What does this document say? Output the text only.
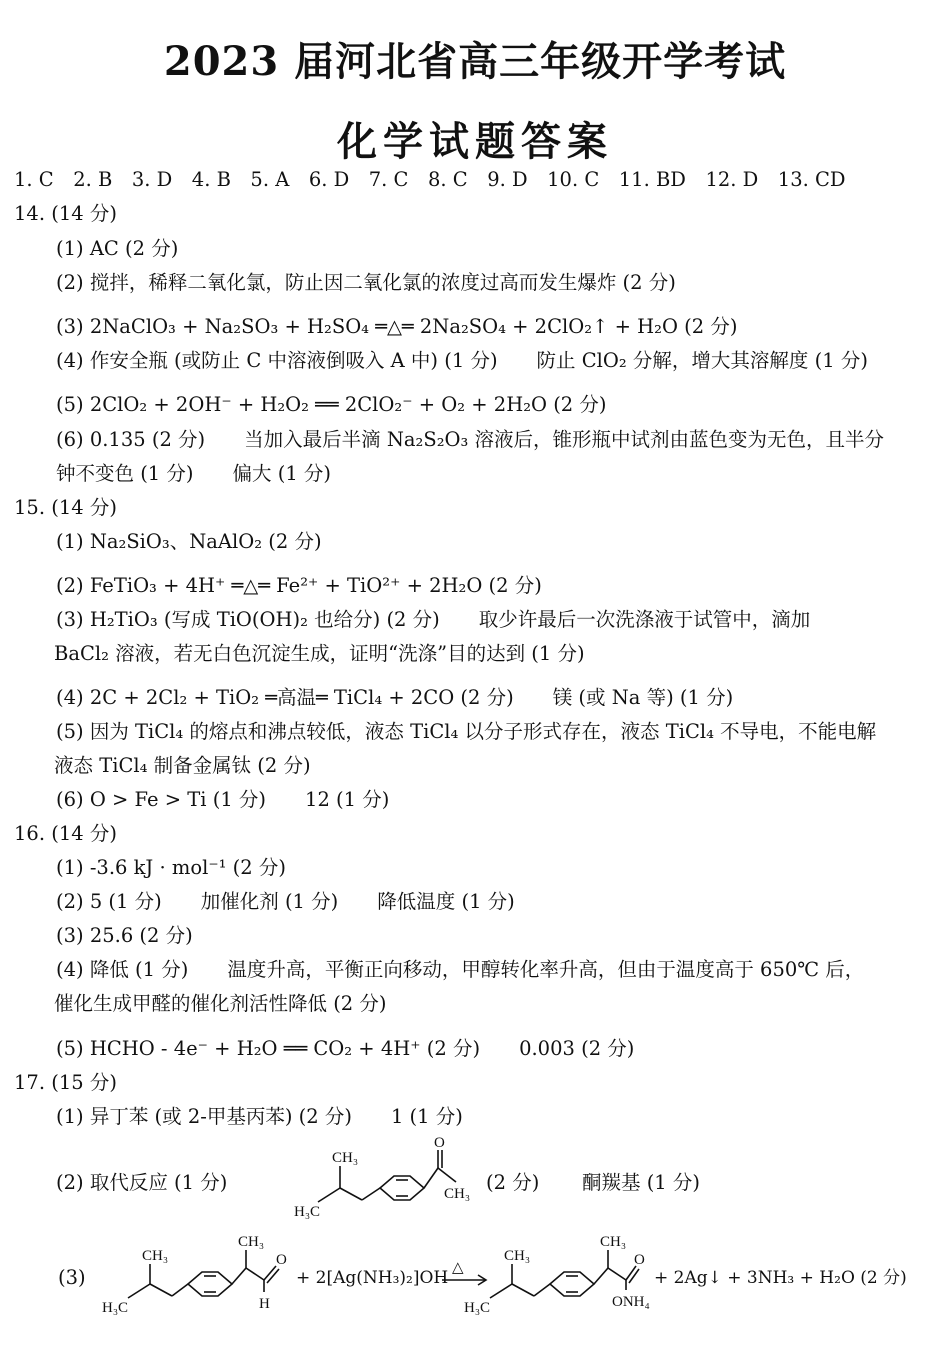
2023 届河北省高三年级开学考试
化学试题答案
1. C　2. B　3. D　4. B　5. A　6. D　7. C　8. C　9. D　10. C　11. BD　12. D　13. CD
14. (14 分)
(1) AC (2 分)
(2) 搅拌，稀释二氧化氯，防止因二氧化氯的浓度过高而发生爆炸 (2 分)
(3) 2NaClO₃ + Na₂SO₃ + H₂SO₄ ═△═ 2Na₂SO₄ + 2ClO₂↑ + H₂O (2 分)
(4) 作安全瓶 (或防止 C 中溶液倒吸入 A 中) (1 分)　　防止 ClO₂ 分解，增大其溶解度 (1 分)
(5) 2ClO₂ + 2OH⁻ + H₂O₂ ══ 2ClO₂⁻ + O₂ + 2H₂O (2 分)
(6) 0.135 (2 分)　　当加入最后半滴 Na₂S₂O₃ 溶液后，锥形瓶中试剂由蓝色变为无色，且半分
钟不变色 (1 分)　　偏大 (1 分)
15. (14 分)
(1) Na₂SiO₃、NaAlO₂ (2 分)
(2) FeTiO₃ + 4H⁺ ═△═ Fe²⁺ + TiO²⁺ + 2H₂O (2 分)
(3) H₂TiO₃ (写成 TiO(OH)₂ 也给分) (2 分)　　取少许最后一次洗涤液于试管中，滴加
BaCl₂ 溶液，若无白色沉淀生成，证明“洗涤”目的达到 (1 分)
(4) 2C + 2Cl₂ + TiO₂ ═高温═ TiCl₄ + 2CO (2 分)　　镁 (或 Na 等) (1 分)
(5) 因为 TiCl₄ 的熔点和沸点较低，液态 TiCl₄ 以分子形式存在，液态 TiCl₄ 不导电，不能电解
液态 TiCl₄ 制备金属钛 (2 分)
(6) O > Fe > Ti (1 分)　　12 (1 分)
16. (14 分)
(1) -3.6 kJ · mol⁻¹ (2 分)
(2) 5 (1 分)　　加催化剂 (1 分)　　降低温度 (1 分)
(3) 25.6 (2 分)
(4) 降低 (1 分)　　温度升高，平衡正向移动，甲醇转化率升高，但由于温度高于 650℃ 后，
催化生成甲醛的催化剂活性降低 (2 分)
(5) HCHO - 4e⁻ + H₂O ══ CO₂ + 4H⁺ (2 分)　　0.003 (2 分)
17. (15 分)
(1) 异丁苯 (或 2-甲基丙苯) (2 分)　　1 (1 分)
(2) 取代反应 (1 分)
H₃C
CH₃
O
CH₃ (2 分) 酮羰基 (1 分)
(3)
H₃C
CH₃
CH₃
O
H
+ 2[Ag(NH₃)₂]OH △
H₃C
CH₃
CH₃
O
ONH₄
+ 2Ag↓ + 3NH₃ + H₂O (2 分)
